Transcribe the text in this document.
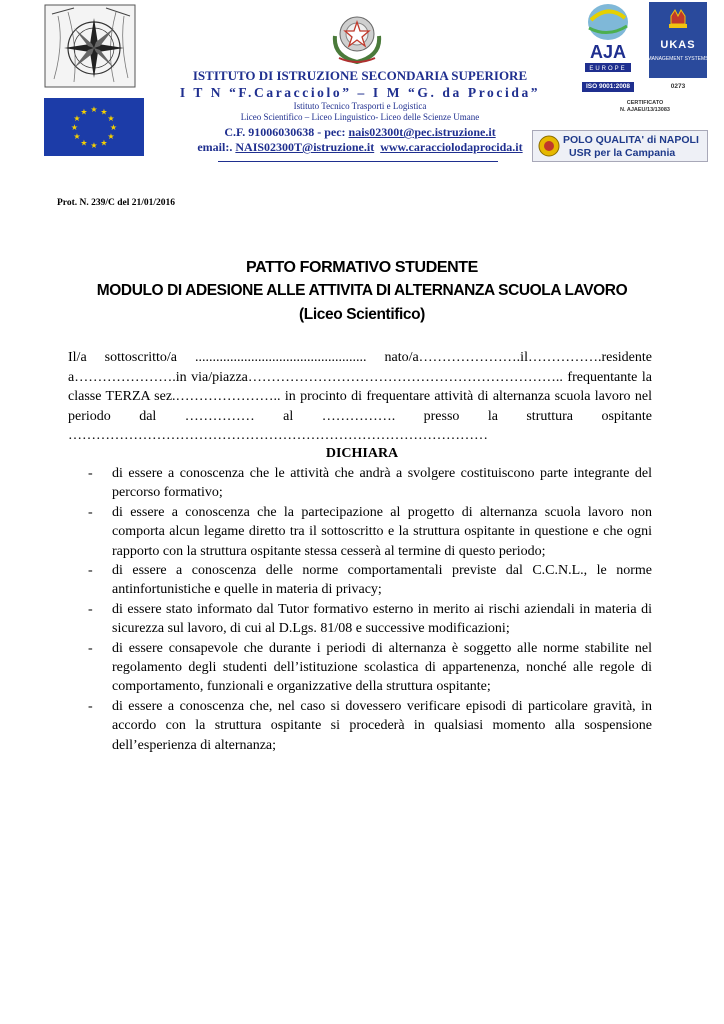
★ ★
★
★
★
★
★
★
★
★
★
★
AJA
EUROPE
ISO 9001:2008
UKAS
MANAGEMENT SYSTEMS
0273
CERTIFICATO
N. AJAEU/13/13083
POLO QUALITA' di NAPOLI
USR per la Campania
ISTITUTO DI ISTRUZIONE SECONDARIA SUPERIORE
I T N “F.Caracciolo” – I M “G. da Procida”
Istituto Tecnico Trasporti e Logistica
Liceo Scientifico – Liceo Linguistico- Liceo delle Scienze Umane
C.F. 91006030638 - pec: nais02300t@pec.istruzione.it
email:. NAIS02300T@istruzione.it www.caracciolodaprocida.it
Prot. N. 239/C del 21/01/2016
PATTO FORMATIVO STUDENTE
MODULO DI ADESIONE ALLE ATTIVITA DI ALTERNANZA SCUOLA LAVORO
(Liceo Scientifico)
Il/a sottoscritto/a ................................................. nato/a………………….il…………….residente a………………….in via/piazza………………………………………………………….. frequentante la classe TERZA sez.………………….. in procinto di frequentare attività di alternanza scuola lavoro nel periodo dal …………… al ……………. presso la struttura ospitante ………………………………………………………………………………
DICHIARA
- di essere a conoscenza che le attività che andrà a svolgere costituiscono parte integrante del percorso formativo;
- di essere a conoscenza che la partecipazione al progetto di alternanza scuola lavoro non comporta alcun legame diretto tra il sottoscritto e la struttura ospitante in questione e che ogni rapporto con la struttura ospitante stessa cesserà al termine di questo periodo;
- di essere a conoscenza delle norme comportamentali previste dal C.C.N.L., le norme antinfortunistiche e quelle in materia di privacy;
- di essere stato informato dal Tutor formativo esterno in merito ai rischi aziendali in materia di sicurezza sul lavoro, di cui al D.Lgs. 81/08 e successive modificazioni;
- di essere consapevole che durante i periodi di alternanza è soggetto alle norme stabilite nel regolamento degli studenti dell’istituzione scolastica di appartenenza, nonché alle regole di comportamento, funzionali e organizzative della struttura ospitante;
- di essere a conoscenza che, nel caso si dovessero verificare episodi di particolare gravità, in accordo con la struttura ospitante si procederà in qualsiasi momento alla sospensione dell’esperienza di alternanza;
